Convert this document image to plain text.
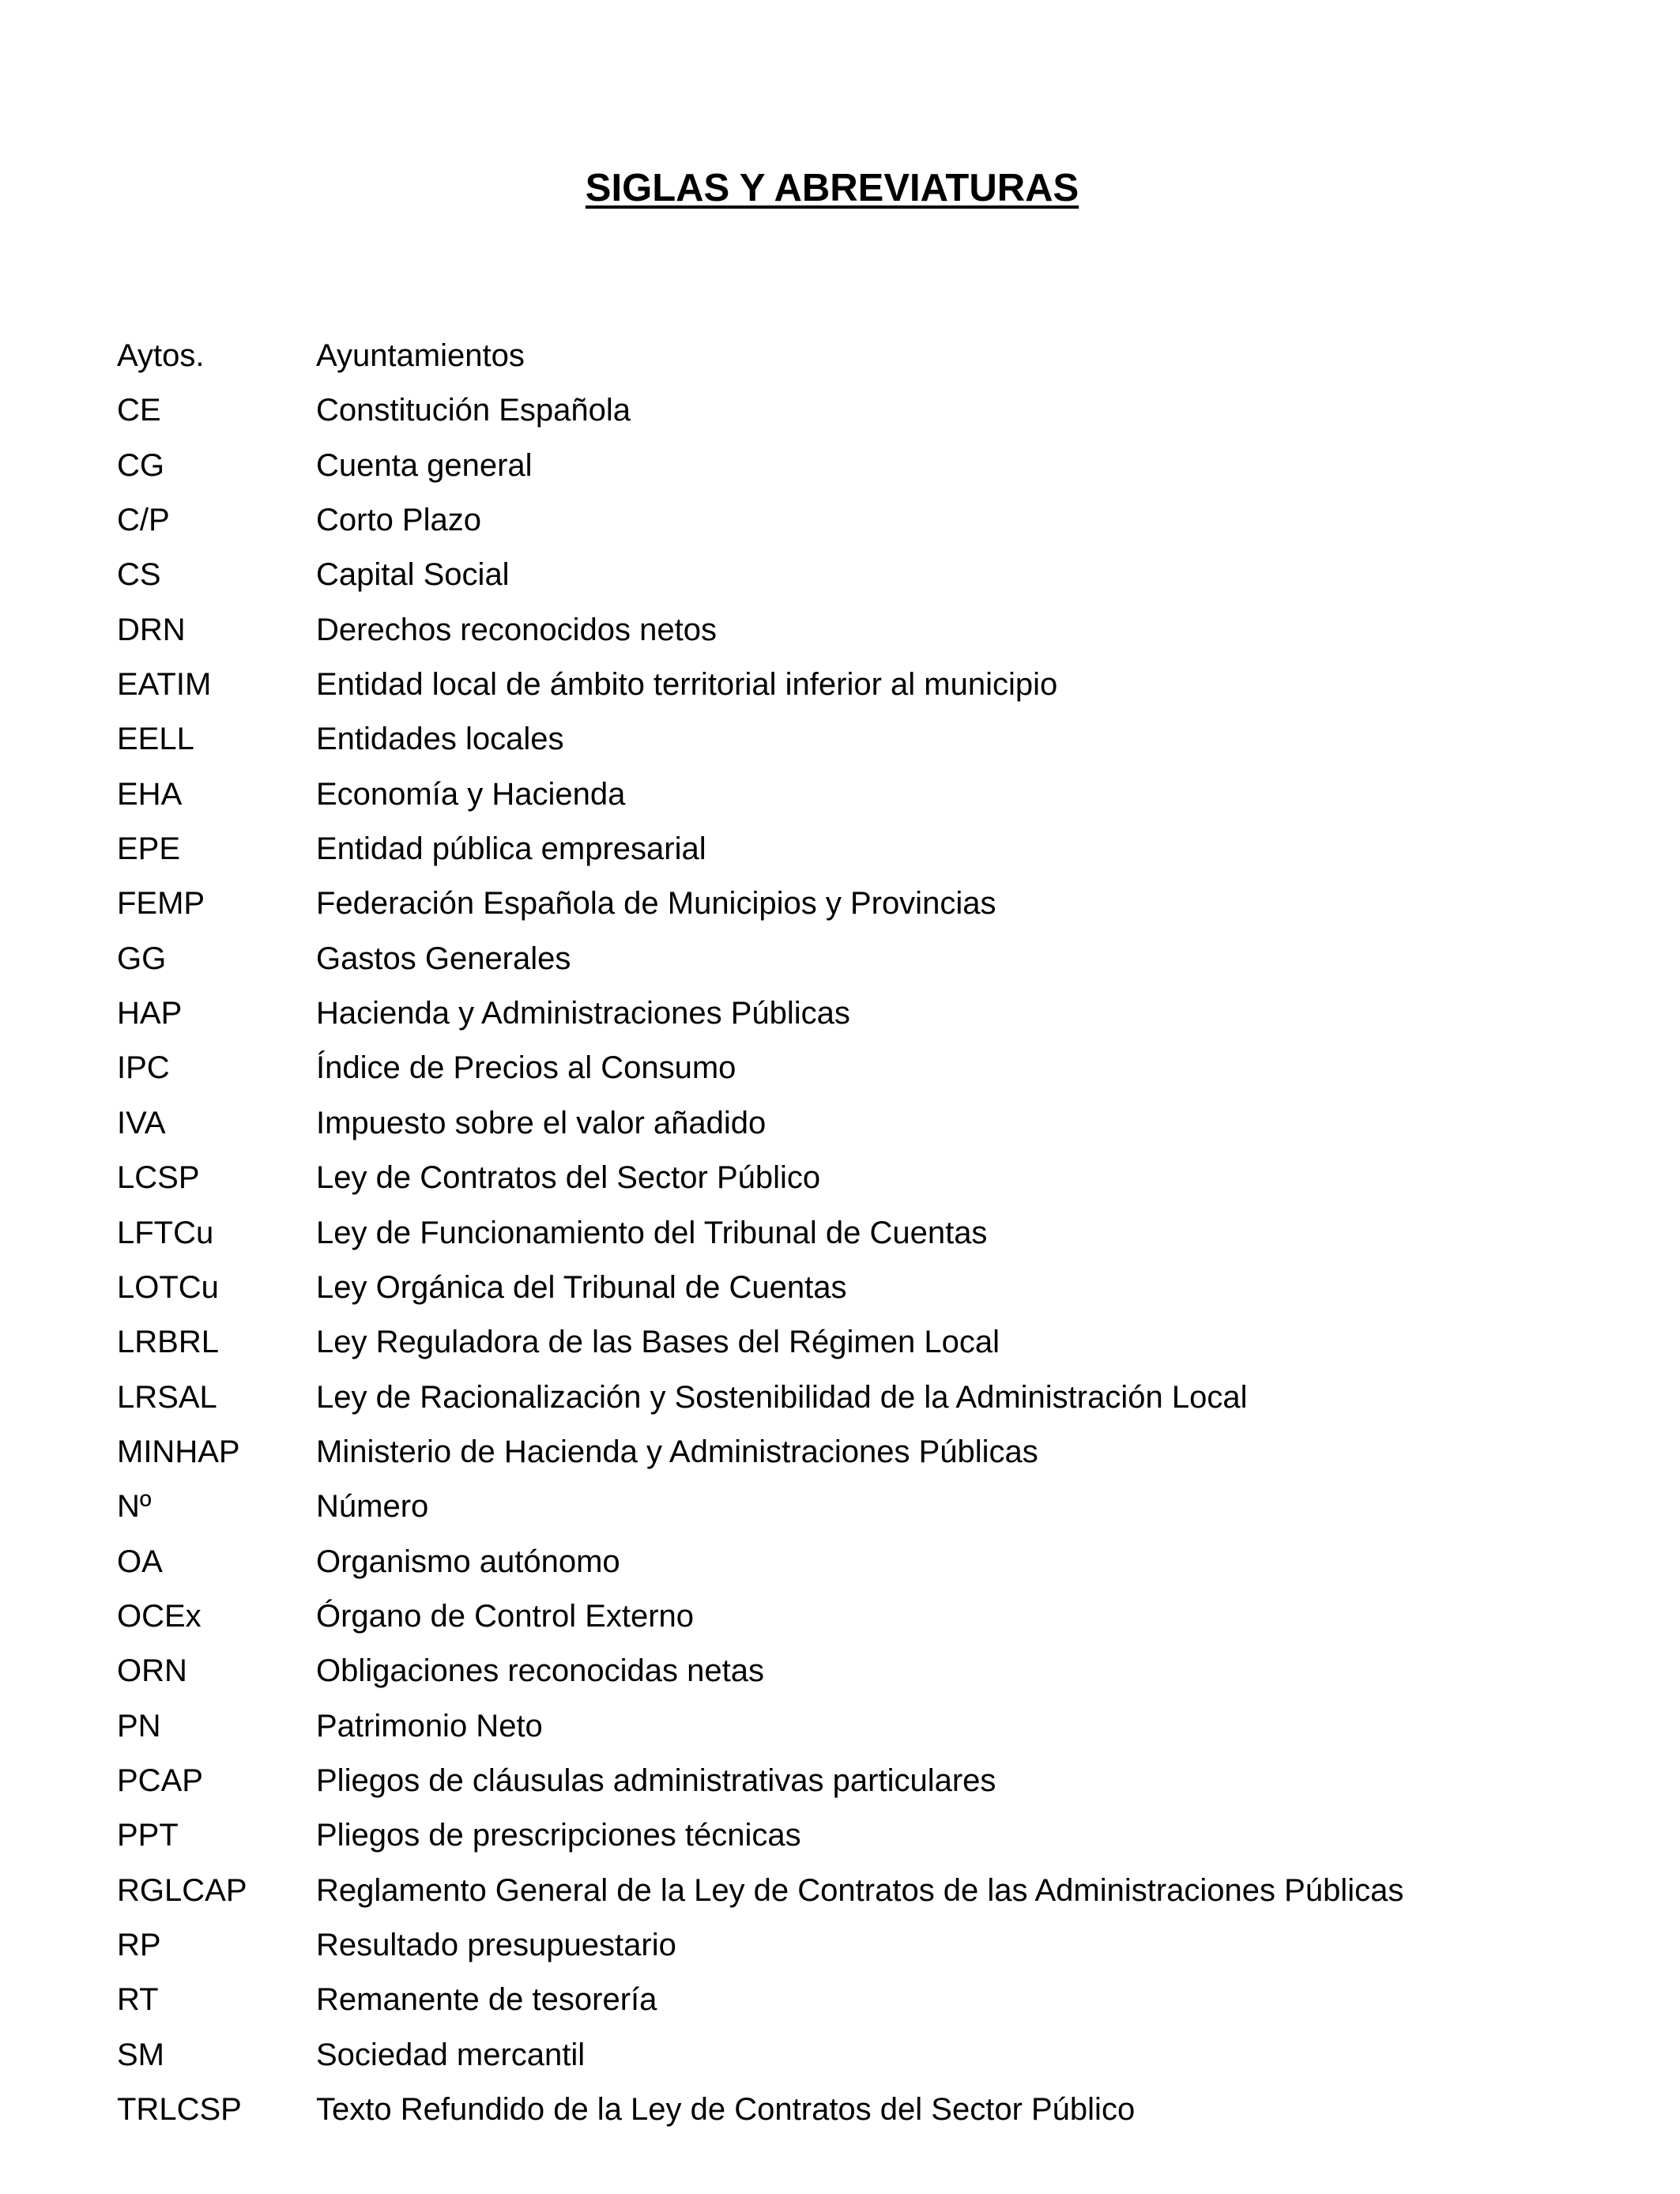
SIGLAS Y ABREVIATURAS
Aytos.	Ayuntamientos
CE	Constitución Española
CG	Cuenta general
C/P	Corto Plazo
CS	Capital Social
DRN	Derechos reconocidos netos
EATIM	Entidad local de ámbito territorial inferior al municipio
EELL	Entidades locales
EHA	Economía y Hacienda
EPE	Entidad pública empresarial
FEMP	Federación Española de Municipios y Provincias
GG	Gastos Generales
HAP	Hacienda y Administraciones Públicas
IPC	Índice de Precios al Consumo
IVA	Impuesto sobre el valor añadido
LCSP	Ley de Contratos del Sector Público
LFTCu	Ley de Funcionamiento del Tribunal de Cuentas
LOTCu	Ley Orgánica del Tribunal de Cuentas
LRBRL	Ley Reguladora de las Bases del Régimen Local
LRSAL	Ley de Racionalización y Sostenibilidad de la Administración Local
MINHAP	Ministerio de Hacienda y Administraciones Públicas
Nº	Número
OA	Organismo autónomo
OCEx	Órgano de Control Externo
ORN	Obligaciones reconocidas netas
PN	Patrimonio Neto
PCAP	Pliegos de cláusulas administrativas particulares
PPT	Pliegos de prescripciones técnicas
RGLCAP	Reglamento General de la Ley de Contratos de las Administraciones Públicas
RP	Resultado presupuestario
RT	Remanente de tesorería
SM	Sociedad mercantil
TRLCSP	Texto Refundido de la Ley de Contratos del Sector Público
